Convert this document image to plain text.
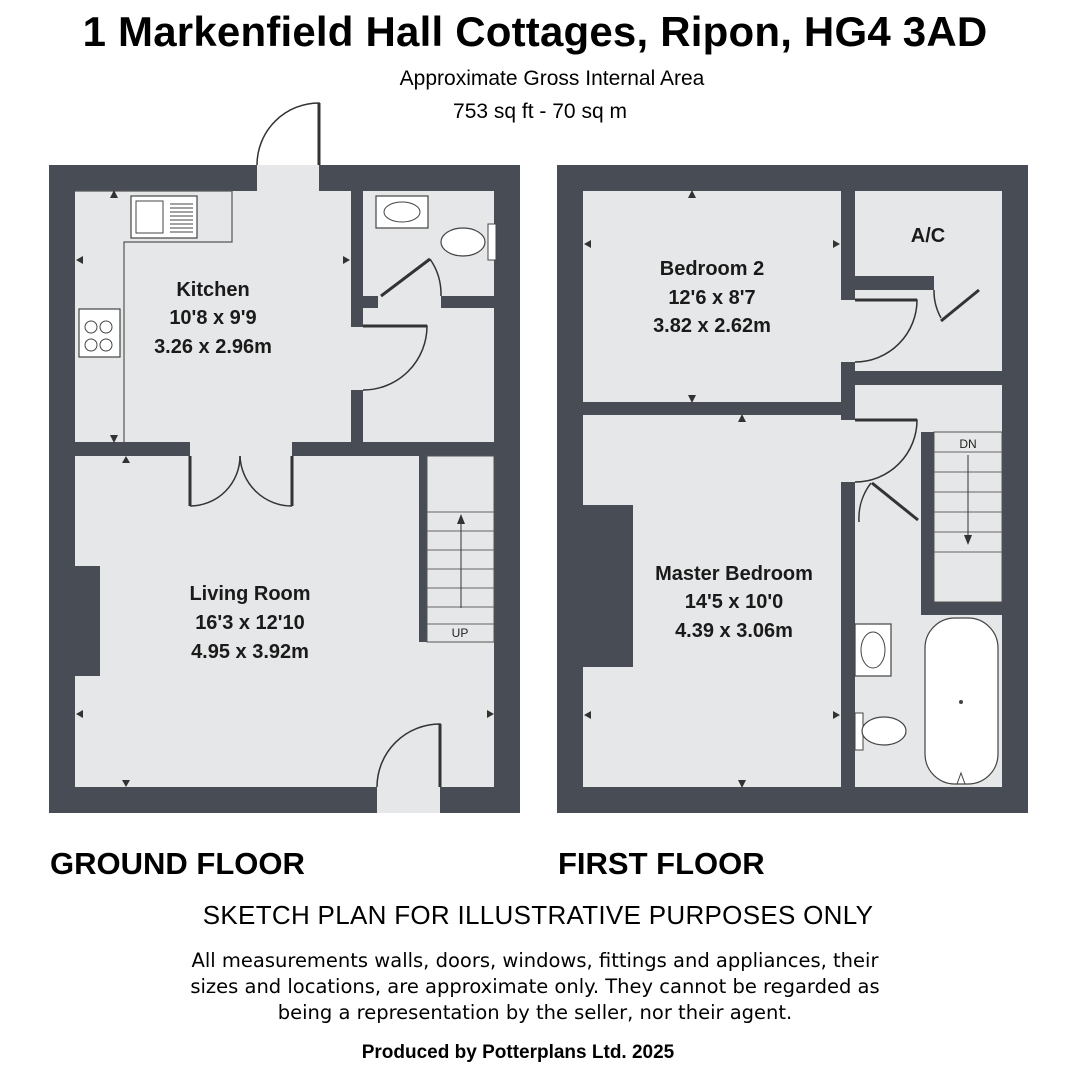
1 Markenfield Hall Cottages, Ripon, HG4 3AD
Approximate Gross Internal Area
753 sq ft - 70 sq m
UP
Kitchen
10'8 x 9'9
3.26 x 2.96m
Living Room
16'3 x 12'10
4.95 x 3.92m
DN
Bedroom 2
12'6 x 8'7
3.82 x 2.62m
Master Bedroom
14'5 x 10'0
4.39 x 3.06m
A/C
GROUND FLOOR	FIRST FLOOR
SKETCH PLAN FOR ILLUSTRATIVE PURPOSES ONLY
All measurements walls, doors, windows, fittings and appliances, their
sizes and locations, are approximate only. They cannot be regarded as
being a representation by the seller, nor their agent.
Produced by Potterplans Ltd. 2025
